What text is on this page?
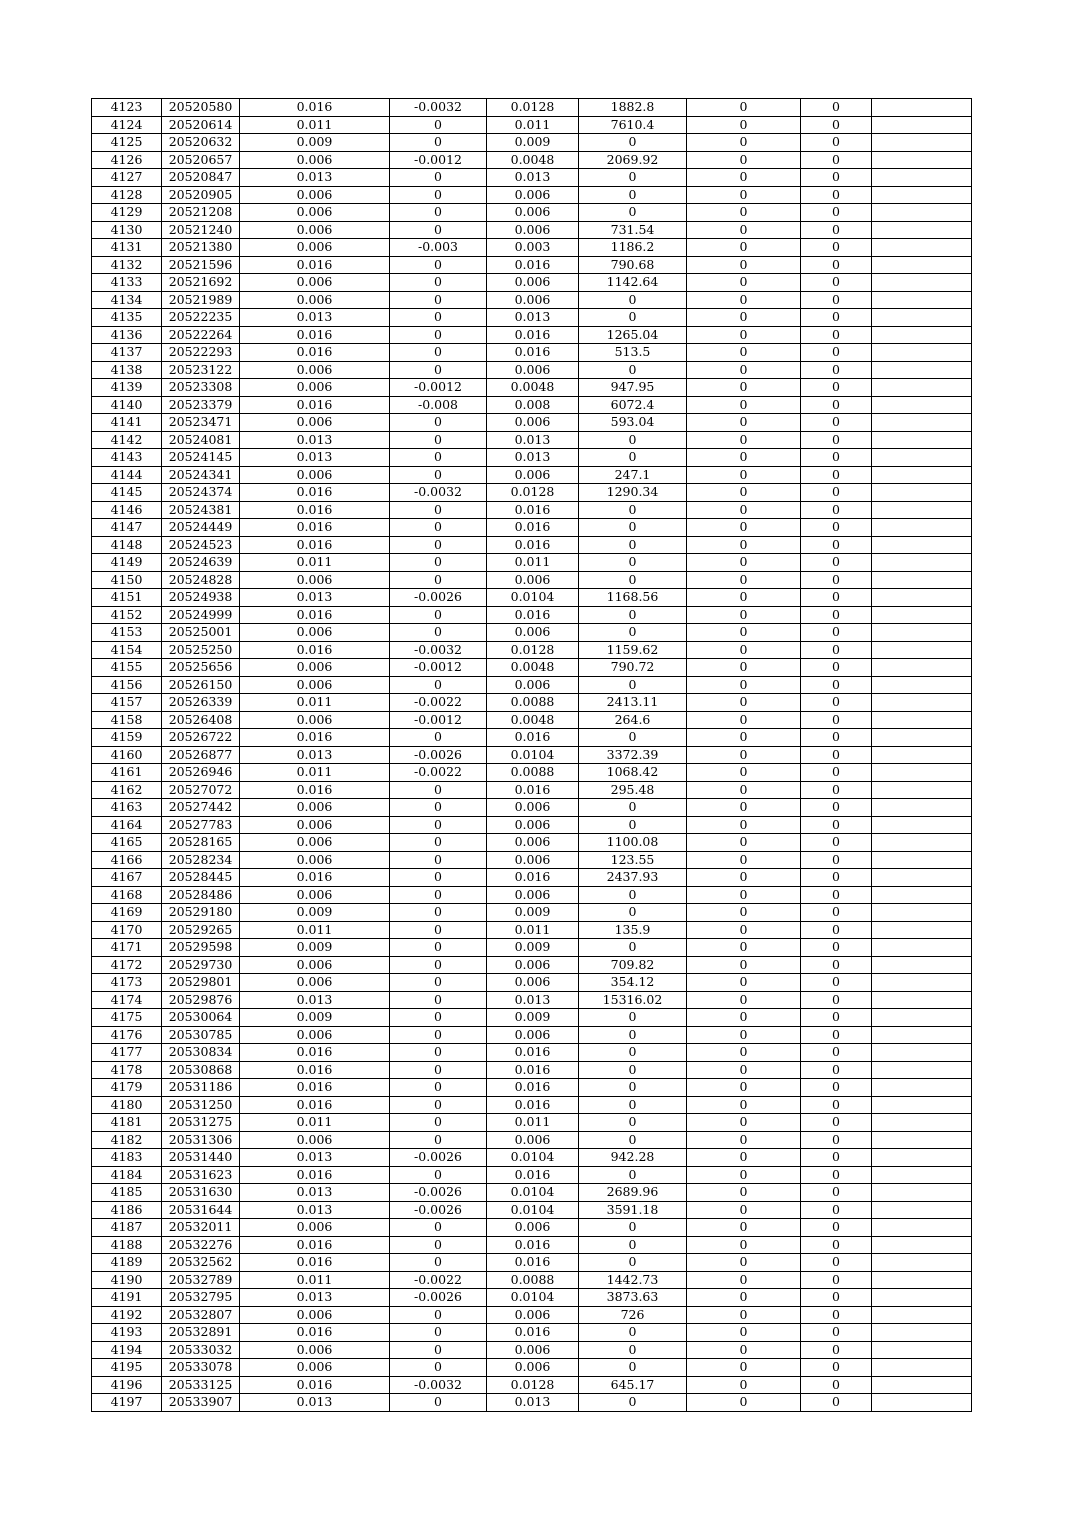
4123	20520580	0.016	-0.0032	0.0128	1882.8	0	0	
4124	20520614	0.011	0	0.011	7610.4	0	0	
4125	20520632	0.009	0	0.009	0	0	0	
4126	20520657	0.006	-0.0012	0.0048	2069.92	0	0	
4127	20520847	0.013	0	0.013	0	0	0	
4128	20520905	0.006	0	0.006	0	0	0	
4129	20521208	0.006	0	0.006	0	0	0	
4130	20521240	0.006	0	0.006	731.54	0	0	
4131	20521380	0.006	-0.003	0.003	1186.2	0	0	
4132	20521596	0.016	0	0.016	790.68	0	0	
4133	20521692	0.006	0	0.006	1142.64	0	0	
4134	20521989	0.006	0	0.006	0	0	0	
4135	20522235	0.013	0	0.013	0	0	0	
4136	20522264	0.016	0	0.016	1265.04	0	0	
4137	20522293	0.016	0	0.016	513.5	0	0	
4138	20523122	0.006	0	0.006	0	0	0	
4139	20523308	0.006	-0.0012	0.0048	947.95	0	0	
4140	20523379	0.016	-0.008	0.008	6072.4	0	0	
4141	20523471	0.006	0	0.006	593.04	0	0	
4142	20524081	0.013	0	0.013	0	0	0	
4143	20524145	0.013	0	0.013	0	0	0	
4144	20524341	0.006	0	0.006	247.1	0	0	
4145	20524374	0.016	-0.0032	0.0128	1290.34	0	0	
4146	20524381	0.016	0	0.016	0	0	0	
4147	20524449	0.016	0	0.016	0	0	0	
4148	20524523	0.016	0	0.016	0	0	0	
4149	20524639	0.011	0	0.011	0	0	0	
4150	20524828	0.006	0	0.006	0	0	0	
4151	20524938	0.013	-0.0026	0.0104	1168.56	0	0	
4152	20524999	0.016	0	0.016	0	0	0	
4153	20525001	0.006	0	0.006	0	0	0	
4154	20525250	0.016	-0.0032	0.0128	1159.62	0	0	
4155	20525656	0.006	-0.0012	0.0048	790.72	0	0	
4156	20526150	0.006	0	0.006	0	0	0	
4157	20526339	0.011	-0.0022	0.0088	2413.11	0	0	
4158	20526408	0.006	-0.0012	0.0048	264.6	0	0	
4159	20526722	0.016	0	0.016	0	0	0	
4160	20526877	0.013	-0.0026	0.0104	3372.39	0	0	
4161	20526946	0.011	-0.0022	0.0088	1068.42	0	0	
4162	20527072	0.016	0	0.016	295.48	0	0	
4163	20527442	0.006	0	0.006	0	0	0	
4164	20527783	0.006	0	0.006	0	0	0	
4165	20528165	0.006	0	0.006	1100.08	0	0	
4166	20528234	0.006	0	0.006	123.55	0	0	
4167	20528445	0.016	0	0.016	2437.93	0	0	
4168	20528486	0.006	0	0.006	0	0	0	
4169	20529180	0.009	0	0.009	0	0	0	
4170	20529265	0.011	0	0.011	135.9	0	0	
4171	20529598	0.009	0	0.009	0	0	0	
4172	20529730	0.006	0	0.006	709.82	0	0	
4173	20529801	0.006	0	0.006	354.12	0	0	
4174	20529876	0.013	0	0.013	15316.02	0	0	
4175	20530064	0.009	0	0.009	0	0	0	
4176	20530785	0.006	0	0.006	0	0	0	
4177	20530834	0.016	0	0.016	0	0	0	
4178	20530868	0.016	0	0.016	0	0	0	
4179	20531186	0.016	0	0.016	0	0	0	
4180	20531250	0.016	0	0.016	0	0	0	
4181	20531275	0.011	0	0.011	0	0	0	
4182	20531306	0.006	0	0.006	0	0	0	
4183	20531440	0.013	-0.0026	0.0104	942.28	0	0	
4184	20531623	0.016	0	0.016	0	0	0	
4185	20531630	0.013	-0.0026	0.0104	2689.96	0	0	
4186	20531644	0.013	-0.0026	0.0104	3591.18	0	0	
4187	20532011	0.006	0	0.006	0	0	0	
4188	20532276	0.016	0	0.016	0	0	0	
4189	20532562	0.016	0	0.016	0	0	0	
4190	20532789	0.011	-0.0022	0.0088	1442.73	0	0	
4191	20532795	0.013	-0.0026	0.0104	3873.63	0	0	
4192	20532807	0.006	0	0.006	726	0	0	
4193	20532891	0.016	0	0.016	0	0	0	
4194	20533032	0.006	0	0.006	0	0	0	
4195	20533078	0.006	0	0.006	0	0	0	
4196	20533125	0.016	-0.0032	0.0128	645.17	0	0	
4197	20533907	0.013	0	0.013	0	0	0	
